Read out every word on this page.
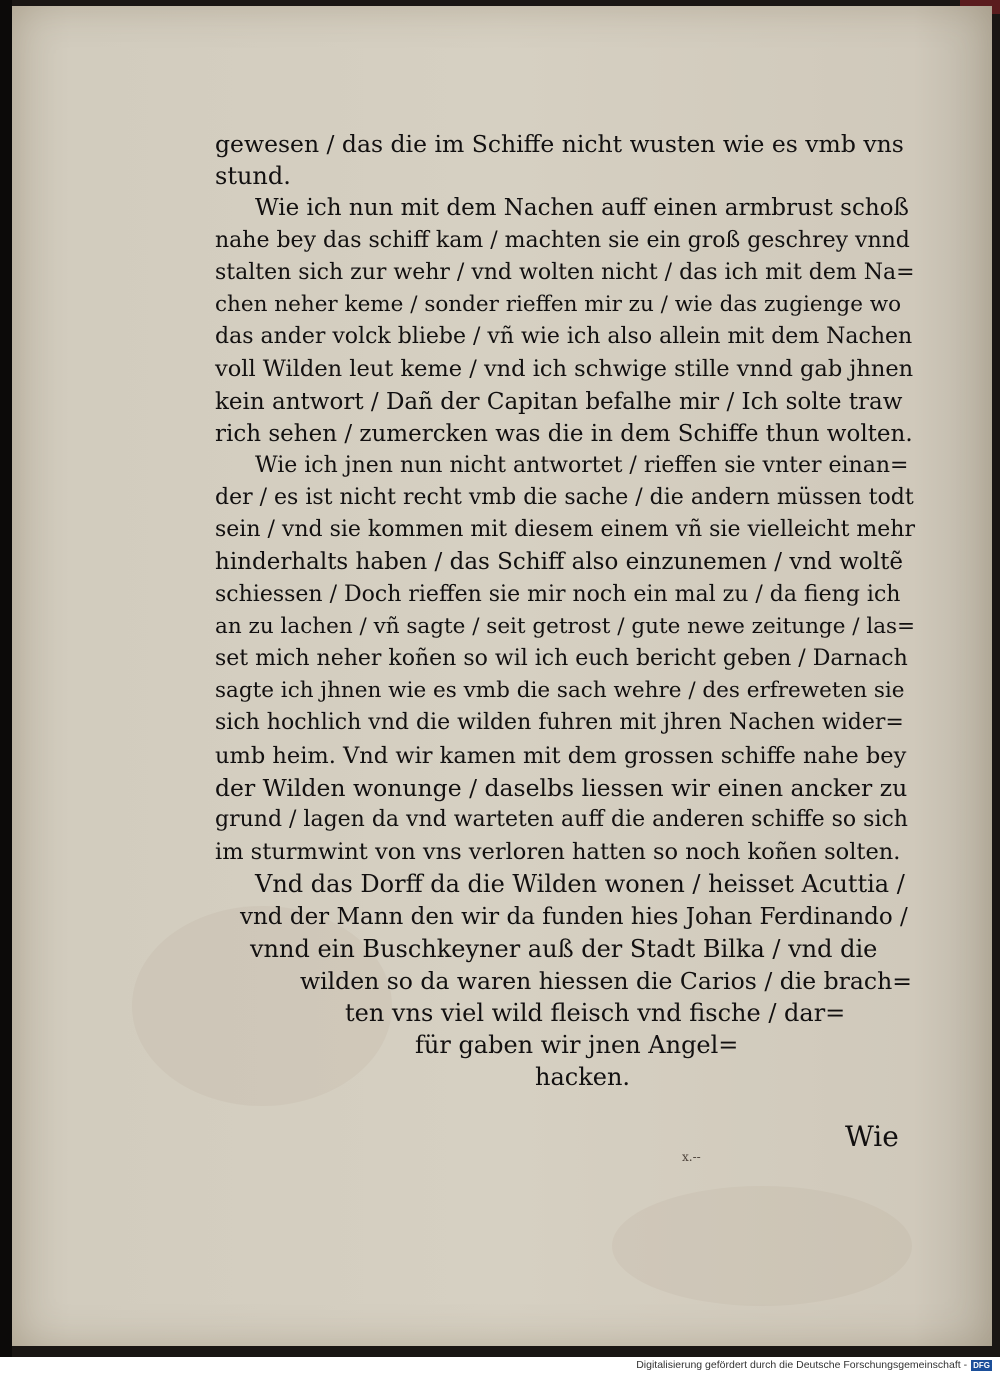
gewesen / das die im Schiffe nicht wusten wie es vmb vns
stund.
Wie ich nun mit dem Nachen auff einen armbrust schoß
nahe bey das schiff kam / machten sie ein groß geschrey vnnd
stalten sich zur wehr / vnd wolten nicht / das ich mit dem Na=
chen neher keme / sonder rieffen mir zu / wie das zugienge wo
das ander volck bliebe / vñ wie ich also allein mit dem Nachen
voll Wilden leut keme / vnd ich schwige stille vnnd gab jhnen
kein antwort / Dañ der Capitan befalhe mir / Ich solte traw
rich sehen / zumercken was die in dem Schiffe thun wolten.
Wie ich jnen nun nicht antwortet / rieffen sie vnter einan=
der / es ist nicht recht vmb die sache / die andern müssen todt
sein / vnd sie kommen mit diesem einem vñ sie vielleicht mehr
hinderhalts haben / das Schiff also einzunemen / vnd woltẽ
schiessen / Doch rieffen sie mir noch ein mal zu / da fieng ich
an zu lachen / vñ sagte / seit getrost / gute newe zeitunge / las=
set mich neher koñen so wil ich euch bericht geben / Darnach
sagte ich jhnen wie es vmb die sach wehre / des erfreweten sie
sich hochlich vnd die wilden fuhren mit jhren Nachen wider=
umb heim. Vnd wir kamen mit dem grossen schiffe nahe bey
der Wilden wonunge / daselbs liessen wir einen ancker zu
grund / lagen da vnd warteten auff die anderen schiffe so sich
im sturmwint von vns verloren hatten so noch koñen solten.
Vnd das Dorff da die Wilden wonen / heisset Acuttia /
vnd der Mann den wir da funden hies Johan Ferdinando /
vnnd ein Buschkeyner auß der Stadt Bilka / vnd die
wilden so da waren hiessen die Carios / die brach=
ten vns viel wild fleisch vnd fische / dar=
für gaben wir jnen Angel=
hacken.
Wie
x.--
Digitalisierung gefördert durch die Deutsche Forschungsgemeinschaft - DFG
